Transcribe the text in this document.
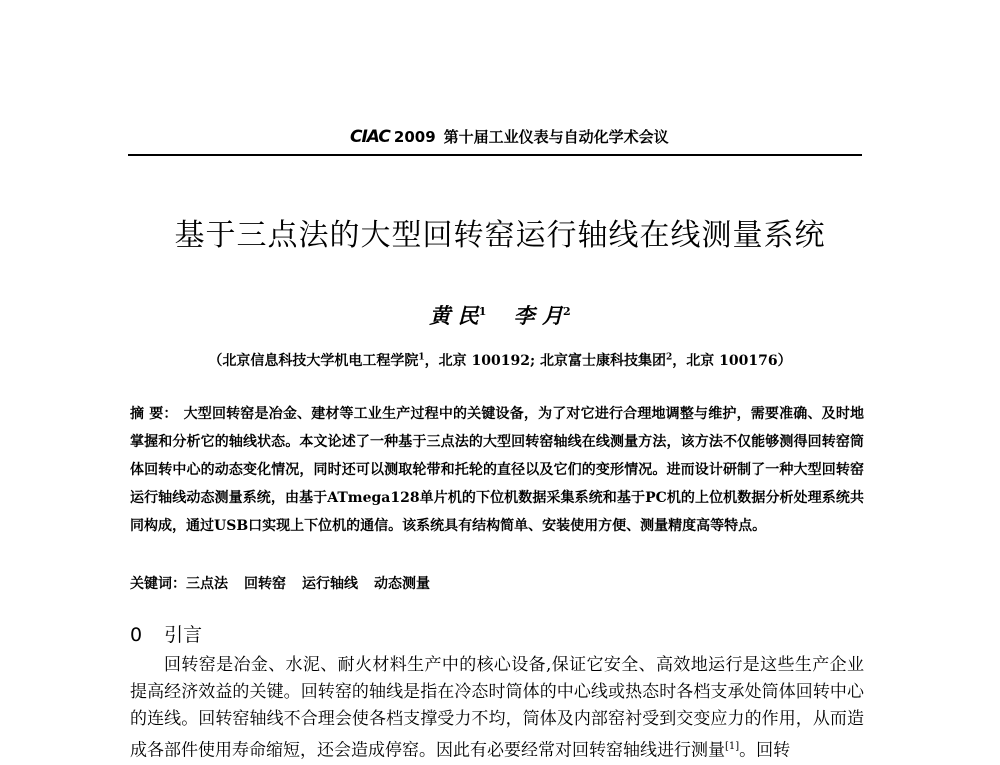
CIAC 2009 第十届工业仪表与自动化学术会议
基于三点法的大型回转窑运行轴线在线测量系统
黄 民$^1$ 李 月$^2$
（北京信息科技大学机电工程学院$^1$，北京 100192; 北京富士康科技集团$^2$，北京 100176）

摘 要： 大型回转窑是冶金、建材等工业生产过程中的关键设备，为了对它进行合理地调整与维护，需要准确、及时地掌握和分析它的轴线状态。本文论述了一种基于三点法的大型回转窑轴线在线测量方法，该方法不仅能够测得回转窑筒体回转中心的动态变化情况，同时还可以测取轮带和托轮的直径以及它们的变形情况。进而设计研制了一种大型回转窑运行轴线动态测量系统，由基于ATmega128单片机的下位机数据采集系统和基于PC机的上位机数据分析处理系统共同构成，通过USB口实现上下位机的通信。该系统具有结构简单、安装使用方便、测量精度高等特点。

关键词：三点法 回转窑 运行轴线 动态测量
0 引言

回转窑是冶金、水泥、耐火材料生产中的核心设备,保证它安全、高效地运行是这些生产企业提高经济效益的关键。回转窑的轴线是指在冷态时筒体的中心线或热态时各档支承处筒体回转中心的连线。回转窑轴线不合理会使各档支撑受力不均，筒体及内部窑衬受到交变应力的作用，从而造成各部件使用寿命缩短，还会造成停窑。因此有必要经常对回转窑轴线进行测量[1]。回转
